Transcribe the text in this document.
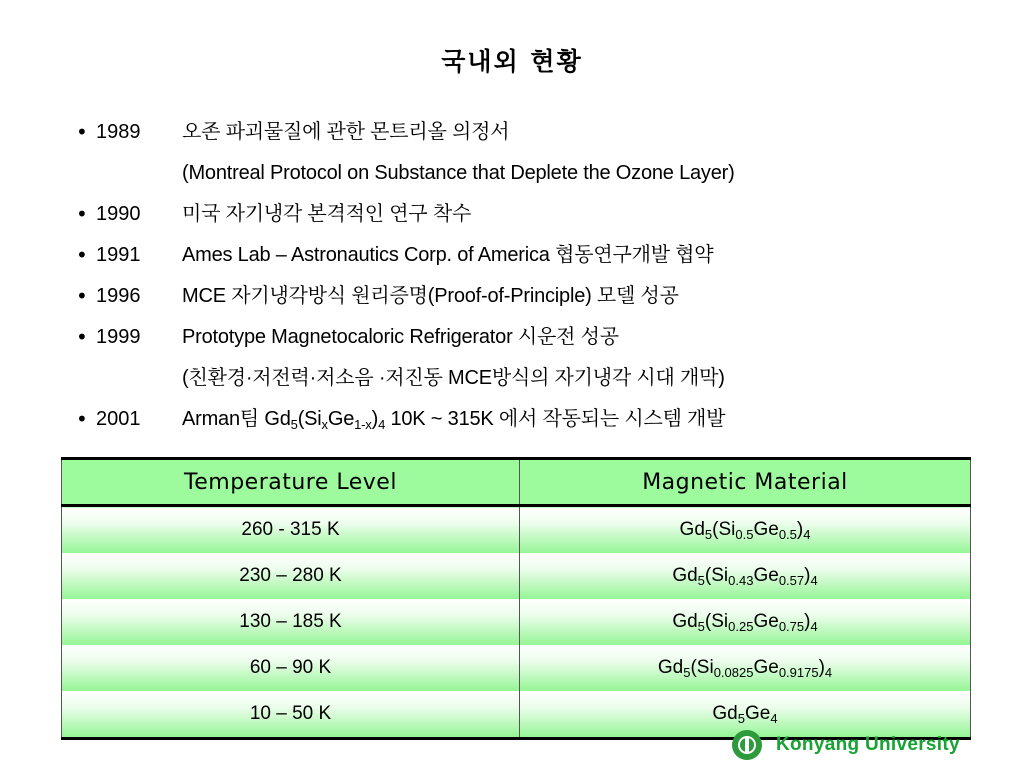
국내외 현황
• 1989 오존 파괴물질에 관한 몬트리올 의정서
(Montreal Protocol on Substance that Deplete the Ozone Layer)
• 1990 미국 자기냉각 본격적인 연구 착수
• 1991 Ames Lab – Astronautics Corp. of America 협동연구개발 협약
• 1996 MCE 자기냉각방식 원리증명(Proof-of-Principle) 모델 성공
• 1999 Prototype Magnetocaloric Refrigerator 시운전 성공
(친환경·저전력·저소음 ·저진동 MCE방식의 자기냉각 시대 개막)
• 2001 Arman팀 $Gd_5(Si_xGe_{1-x})_4$ 10K ~ 315K 에서 작동되는 시스템 개발
Temperature Level	Magnetic Material
260 - 315 K	$Gd_5(Si_{0.5}Ge_{0.5})_4$
230 – 280 K	$Gd_5(Si_{0.43}Ge_{0.57})_4$
130 – 185 K	$Gd_5(Si_{0.25}Ge_{0.75})_4$
60 – 90 K	$Gd_5(Si_{0.0825}Ge_{0.9175})_4$
10 – 50 K	$Gd_5Ge_4$
Konyang University
